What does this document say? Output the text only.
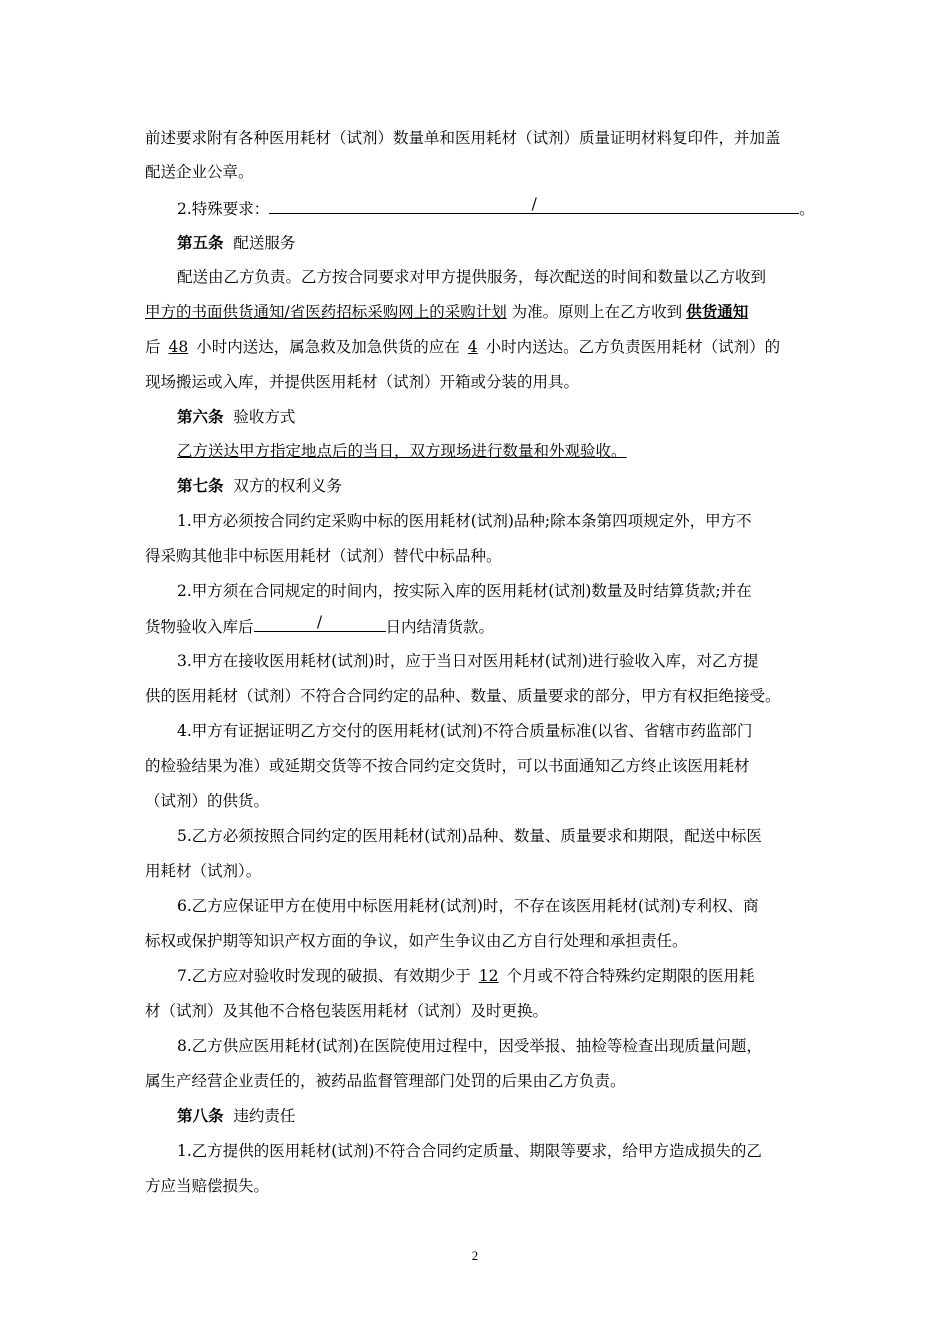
前述要求附有各种医用耗材（试剂）数量单和医用耗材（试剂）质量证明材料复印件，并加盖
配送企业公章。
2.特殊要求：	/	。
第五条 配送服务
配送由乙方负责。乙方按合同要求对甲方提供服务，每次配送的时间和数量以乙方收到
甲方的书面供货通知/省医药招标采购网上的采购计划 为准。原则上在乙方收到 供货通知
后 48 小时内送达，属急救及加急供货的应在 4 小时内送达。乙方负责医用耗材（试剂）的
现场搬运或入库，并提供医用耗材（试剂）开箱或分装的用具。
第六条 验收方式
乙方送达甲方指定地点后的当日，双方现场进行数量和外观验收。
第七条 双方的权利义务
1.甲方必须按合同约定采购中标的医用耗材(试剂)品种;除本条第四项规定外，甲方不
得采购其他非中标医用耗材（试剂）替代中标品种。
2.甲方须在合同规定的时间内，按实际入库的医用耗材(试剂)数量及时结算货款;并在
货物验收入库后	/	日内结清货款。
3.甲方在接收医用耗材(试剂)时，应于当日对医用耗材(试剂)进行验收入库，对乙方提
供的医用耗材（试剂）不符合合同约定的品种、数量、质量要求的部分，甲方有权拒绝接受。
4.甲方有证据证明乙方交付的医用耗材(试剂)不符合质量标准(以省、省辖市药监部门
的检验结果为准）或延期交货等不按合同约定交货时，可以书面通知乙方终止该医用耗材
（试剂）的供货。
5.乙方必须按照合同约定的医用耗材(试剂)品种、数量、质量要求和期限，配送中标医
用耗材（试剂）。
6.乙方应保证甲方在使用中标医用耗材(试剂)时，不存在该医用耗材(试剂)专利权、商
标权或保护期等知识产权方面的争议，如产生争议由乙方自行处理和承担责任。
7.乙方应对验收时发现的破损、有效期少于 12 个月或不符合特殊约定期限的医用耗
材（试剂）及其他不合格包装医用耗材（试剂）及时更换。
8.乙方供应医用耗材(试剂)在医院使用过程中，因受举报、抽检等检查出现质量问题，
属生产经营企业责任的，被药品监督管理部门处罚的后果由乙方负责。
第八条 违约责任
1.乙方提供的医用耗材(试剂)不符合合同约定质量、期限等要求，给甲方造成损失的乙
方应当赔偿损失。
2
